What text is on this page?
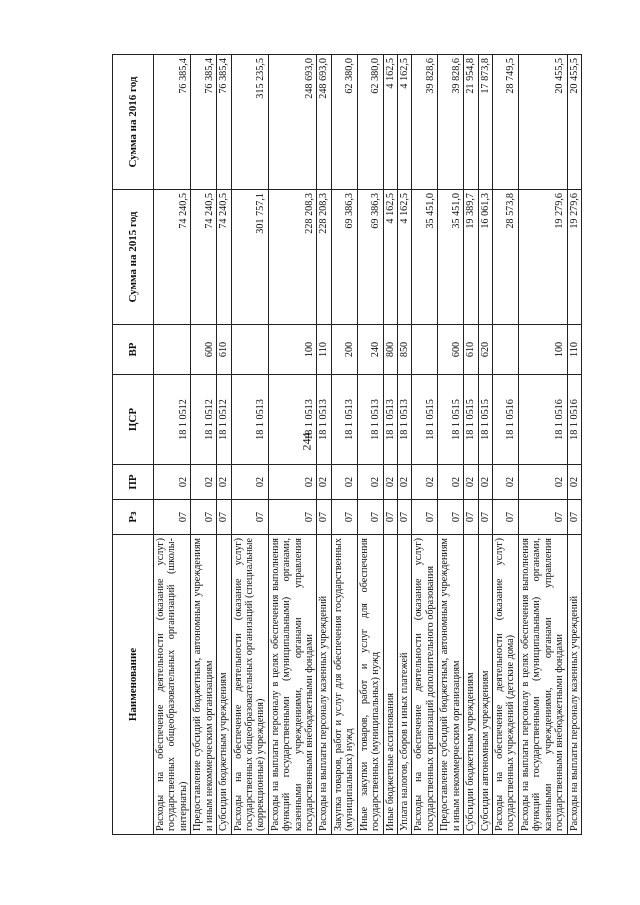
244
Наименование	Рз	ПР	ЦСР	ВР	Сумма на 2015 год	Сумма на 2016 год
Расходы на обеспечение деятельности (оказание услуг) государственных общеобразовательных организаций (школы-интернаты)	07	02	18 1 0512		74 240,5	76 385,4
Предоставление субсидий бюджетным, автономным учреждениям и иным некоммерческим организациям	07	02	18 1 0512	600	74 240,5	76 385,4
Субсидии бюджетным учреждениям	07	02	18 1 0512	610	74 240,5	76 385,4
Расходы на обеспечение деятельности (оказание услуг) государственных общеобразовательных организаций (специальные (коррекционные) учреждения)	07	02	18 1 0513		301 757,1	315 235,5
Расходы на выплаты персоналу в целях обеспечения выполнения функций государственными (муниципальными) органами, казенными учреждениями, органами управления государственными внебюджетными фондами	07	02	18 1 0513	100	228 208,3	248 693,0
Расходы на выплаты персоналу казенных учреждений	07	02	18 1 0513	110	228 208,3	248 693,0
Закупка товаров, работ и услуг для обеспечения государственных (муниципальных) нужд	07	02	18 1 0513	200	69 386,3	62 380,0
Иные закупки товаров, работ и услуг для обеспечения государственных (муниципальных) нужд	07	02	18 1 0513	240	69 386,3	62 380,0
Иные бюджетные ассигнования	07	02	18 1 0513	800	4 162,5	4 162,5
Уплата налогов, сборов и иных платежей	07	02	18 1 0513	850	4 162,5	4 162,5
Расходы на обеспечение деятельности (оказание услуг) государственных организаций дополнительного образования	07	02	18 1 0515		35 451,0	39 828,6
Предоставление субсидий бюджетным, автономным учреждениям и иным некоммерческим организациям	07	02	18 1 0515	600	35 451,0	39 828,6
Субсидии бюджетным учреждениям	07	02	18 1 0515	610	19 389,7	21 954,8
Субсидии автономным учреждениям	07	02	18 1 0515	620	16 061,3	17 873,8
Расходы на обеспечение деятельности (оказание услуг) государственных учреждений (детские дома)	07	02	18 1 0516		28 573,8	28 749,5
Расходы на выплаты персоналу в целях обеспечения выполнения функций государственными (муниципальными) органами, казенными учреждениями, органами управления государственными внебюджетными фондами	07	02	18 1 0516	100	19 279,6	20 455,5
Расходы на выплаты персоналу казенных учреждений	07	02	18 1 0516	110	19 279,6	20 455,5
